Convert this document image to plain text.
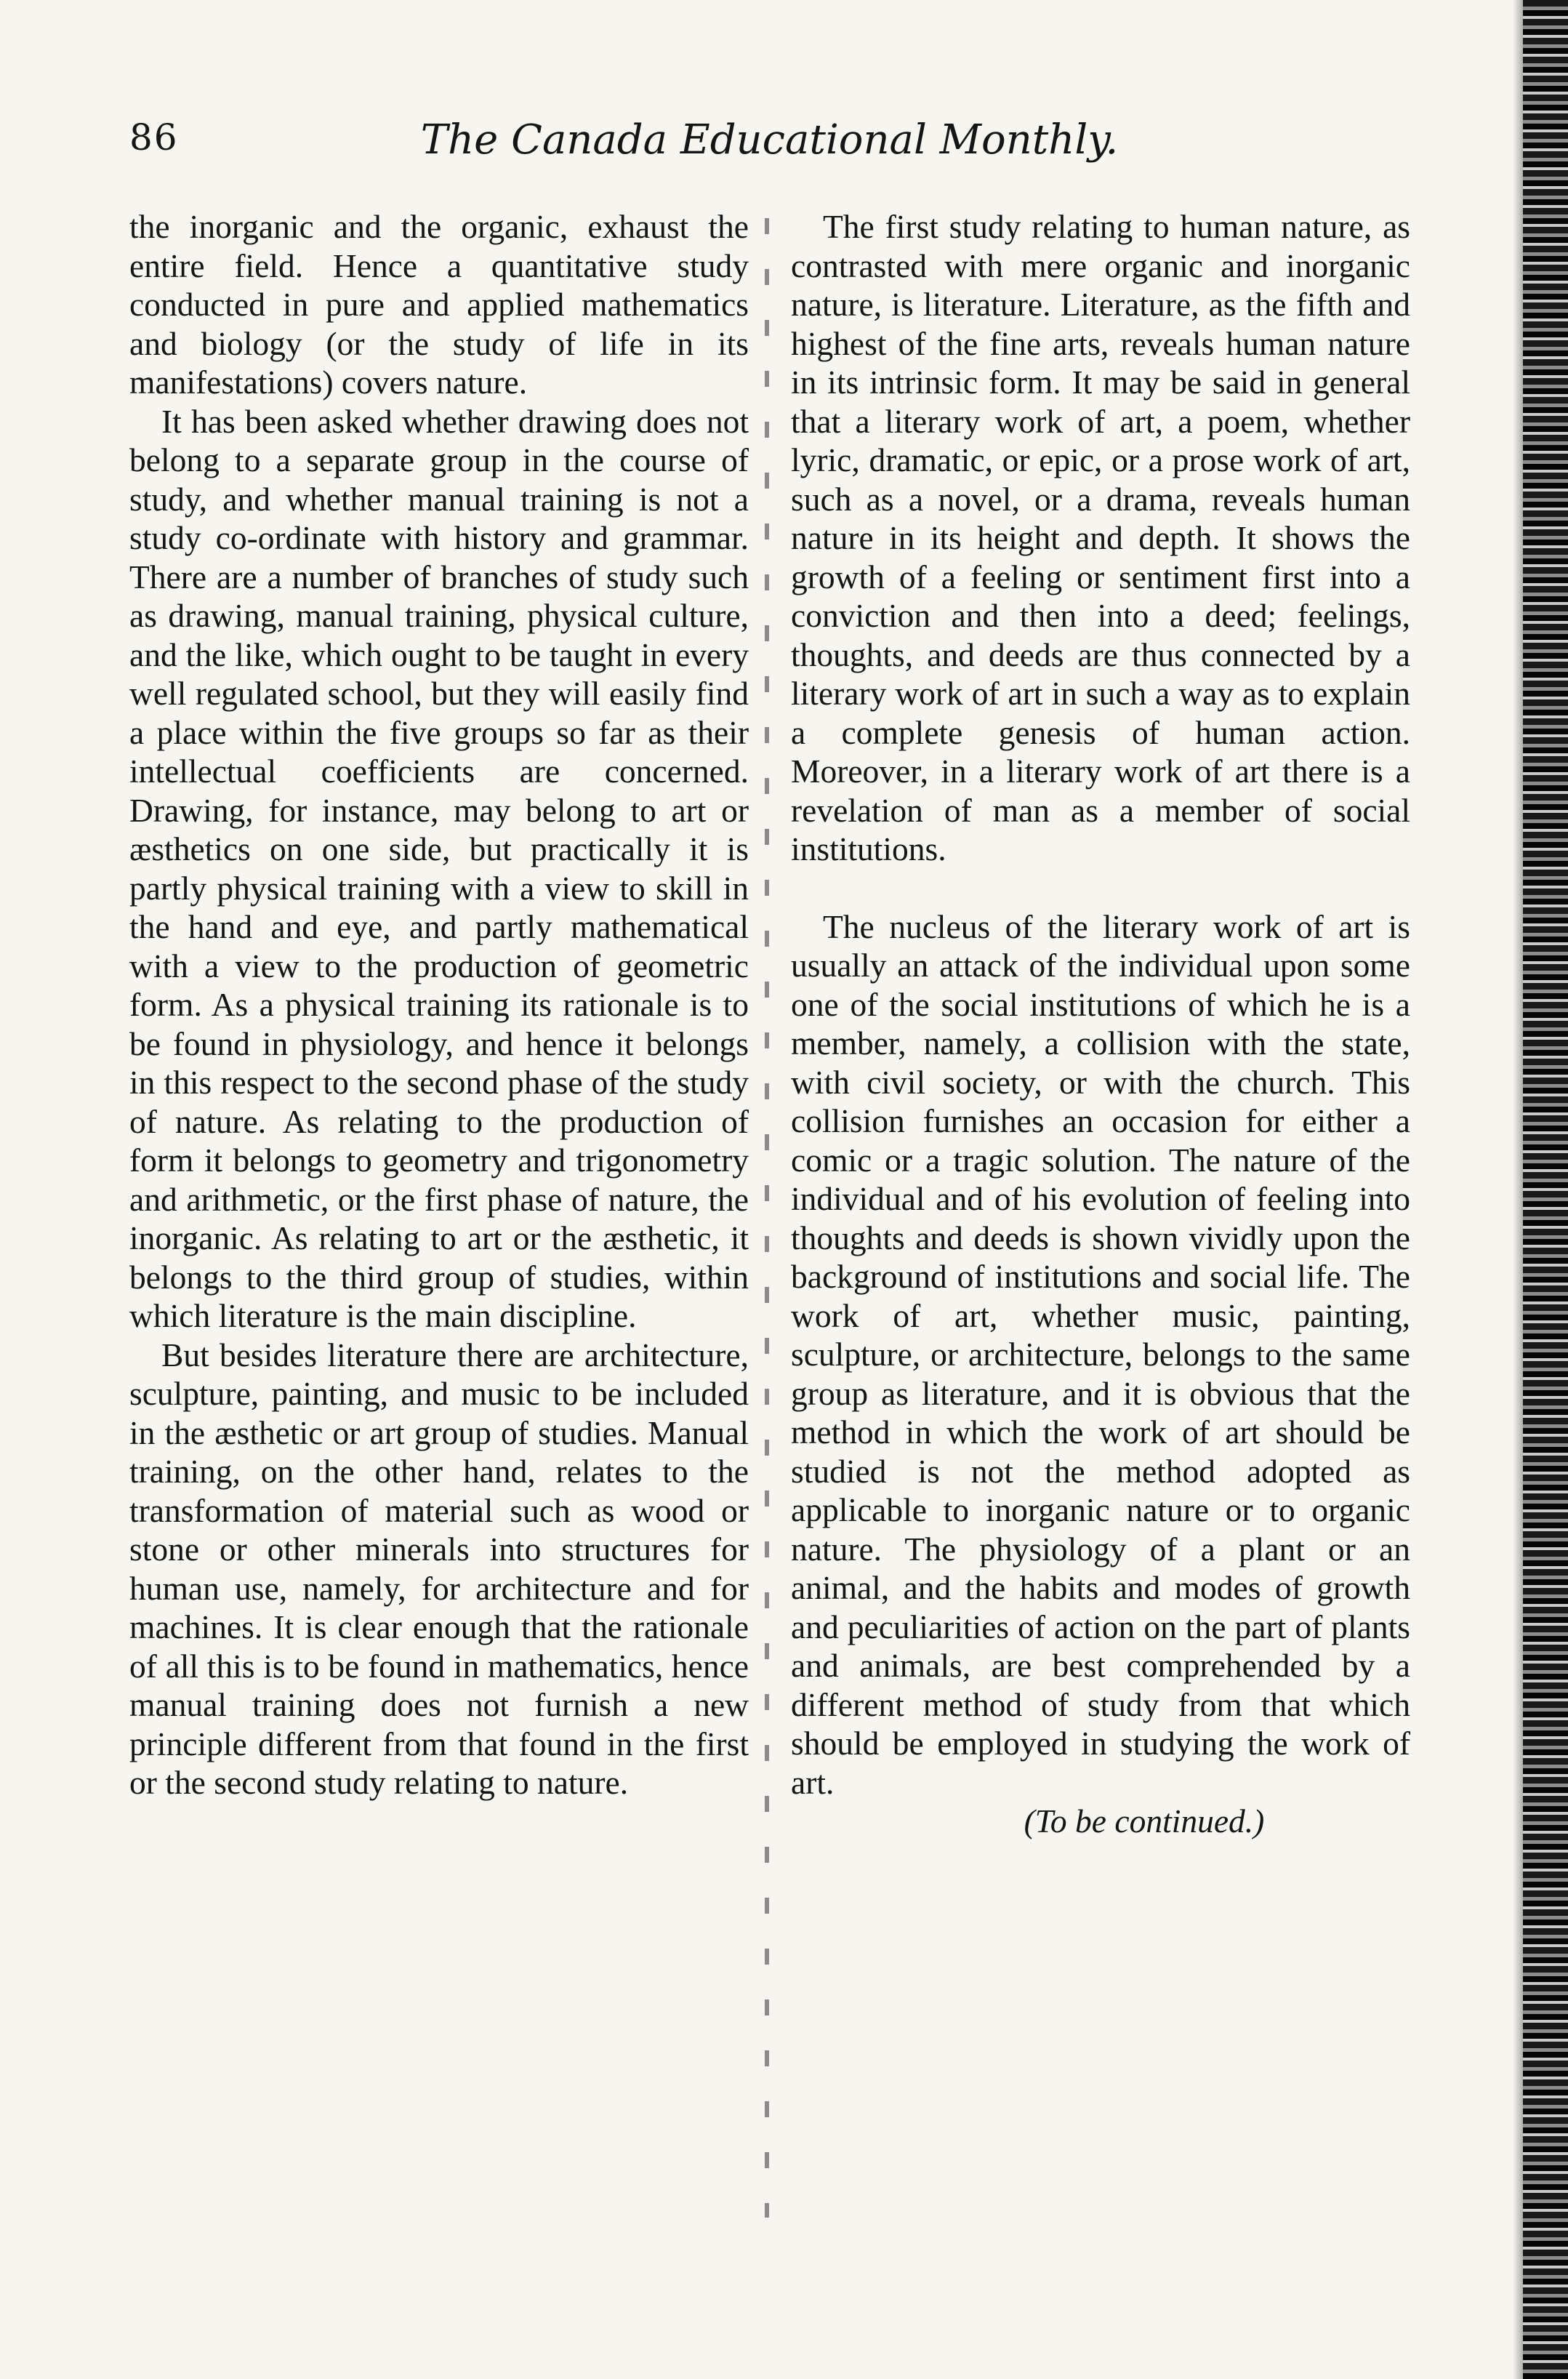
86	The Canada Educational Monthly.

the inorganic and the organic, exhaust the entire field. Hence a quantitative study conducted in pure and applied mathematics and biology (or the study of life in its manifestations) covers nature.

It has been asked whether drawing does not belong to a separate group in the course of study, and whether manual training is not a study co-ordinate with history and grammar. There are a number of branches of study such as drawing, manual training, physical culture, and the like, which ought to be taught in every well regulated school, but they will easily find a place within the five groups so far as their intellectual coefficients are concerned. Drawing, for instance, may belong to art or æsthetics on one side, but practically it is partly physical training with a view to skill in the hand and eye, and partly mathematical with a view to the production of geometric form. As a physical training its rationale is to be found in physiology, and hence it belongs in this respect to the second phase of the study of nature. As relating to the production of form it belongs to geometry and trigonometry and arithmetic, or the first phase of nature, the inorganic. As relating to art or the æsthetic, it belongs to the third group of studies, within which literature is the main discipline.

But besides literature there are architecture, sculpture, painting, and music to be included in the æsthetic or art group of studies. Manual training, on the other hand, relates to the transformation of material such as wood or stone or other minerals into structures for human use, namely, for architecture and for machines. It is clear enough that the rationale of all this is to be found in mathematics, hence manual training does not furnish a new principle different from that found in the first or the second study relating to nature.

The first study relating to human nature, as contrasted with mere organic and inorganic nature, is literature. Literature, as the fifth and highest of the fine arts, reveals human nature in its intrinsic form. It may be said in general that a literary work of art, a poem, whether lyric, dramatic, or epic, or a prose work of art, such as a novel, or a drama, reveals human nature in its height and depth. It shows the growth of a feeling or sentiment first into a conviction and then into a deed; feelings, thoughts, and deeds are thus connected by a literary work of art in such a way as to explain a complete genesis of human action. Moreover, in a literary work of art there is a revelation of man as a member of social institutions.

The nucleus of the literary work of art is usually an attack of the individual upon some one of the social institutions of which he is a member, namely, a collision with the state, with civil society, or with the church. This collision furnishes an occasion for either a comic or a tragic solution. The nature of the individual and of his evolution of feeling into thoughts and deeds is shown vividly upon the background of institutions and social life. The work of art, whether music, painting, sculpture, or architecture, belongs to the same group as literature, and it is obvious that the method in which the work of art should be studied is not the method adopted as applicable to inorganic nature or to organic nature. The physiology of a plant or an animal, and the habits and modes of growth and peculiarities of action on the part of plants and animals, are best comprehended by a different method of study from that which should be employed in studying the work of art.

(To be continued.)
